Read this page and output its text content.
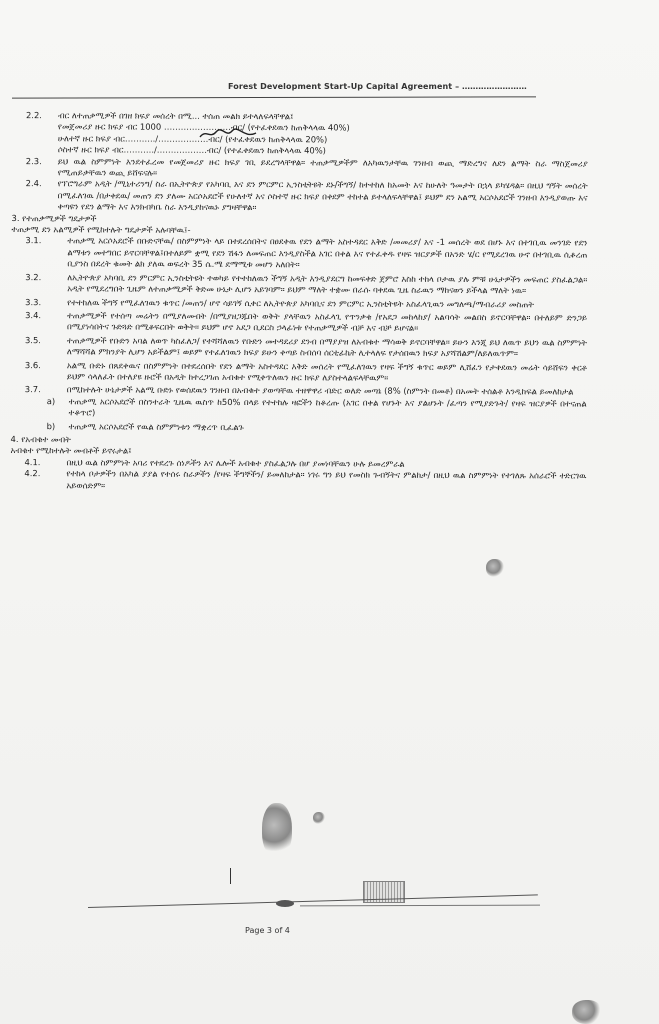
Forest Development Start-Up Capital Agreement – ……………………
2.2. ብር ለተጠቃሚዎች በገዘ ክፍያ መሰረት በሚ... ተሰጠ መልክ ይተላለፍላቸዋል፤
የመጀመሪያ ዙር ክፍያ ብር 1000 ……………………ብር/ (የተፈቀደዉን ከጠቅላላዉ 40%)
ሁለተኛ ዙር ክፍያ ብር………../………………ብር/ (የተፈቀደዉን ከጠቅላላዉ 20%)
ሶስተኛ ዙር ክፍያ ብር………../………………ብር/ (የተፈቀደዉን ከጠቅላላዉ 40%)
2.3.	ይህ ዉል ስምምነት እንደተፈረመ የመጀመሪያ ዙር ክፍያ ገቢ ይደረግላቸዋል። ተጠቃሚዎችም ለአካዉንታቸዉ ገንዘብ ወጪ ማድረግና ለደን ልማት ስራ ማስጀመሪያ የሚጠይቃቸዉን ወጪ ይሸፍናሉ።
2.4.	የፕሮግራም አዲት /ሚኒተሪንግ/ ስራ በኢትዮጵያ የአካባቢ እና ደን ምርምር ኢንስቲትዩት ደኑ/ችግኝ/ ከተተከለ ከአመት እና ከሁለት ዓመታት በኋላ ይካሄዳል። በዚህ ግኝት መሰረት በሚፈለገዉ /በታቀደዉ/ መጠን ደን ያለሙ አርሶአደሮች የሁለተኛ እና ሶስተኛ ዙር ክፍያ በቀደም ተከተል ይተላለፍላቸዋል፤ ይህም ደን አልሚ አርሶአደሮች ገንዘብ እንዲያወጡ እና ቀጣዩን የደን ልማት እና እንክብካቤ ስራ እንዲያከናዉኑ ያግዛቸዋል።
3. የተጠቃሚዎች ግዴታዎች
ተጠቃሚ ደን አልሚዎች የሚከተሉት ግዴታዎች አሉባቸዉ፤-
3.1.	ተጠቃሚ አርሶአደሮች በቡድናቸዉ/ በስምምነት ላይ በተደረሰበትና በፀደቀዉ የደን ልማት አስተዳደር እቅድ /መመሪያ/ እና -1 መሰረት ወደ በሆኑ እና በተገቢዉ መንገድ የደን ልማቱን መተግበር ይኖርባቸዋል፤በተለይም ቋሚ የደን ሽፋን ለመፍጠር እንዲያስችል አገር በቀል እና የተፈቀዱ የዛፍ ዝርያዎች በአንድ ሄ/ር የሚደረገዉ ሁኖ በተገቢዉ ሲቆረጠ ቢያንስ በደረት ቁመት ልክ ያለዉ ወፍረት 35 ሴ.ሜ ደማሚቱ መሆን አለበት።
3.2.	ለኢትዮጵያ አካባቢ ደን ምርምር ኢንስቲትዩት ተወካይ የተተከለዉን ችግኝ አዲት እንዲያደርግ ከመፍቀድ ጀምሮ እስከ ተከላ ቦታዉ ያሉ ምቹ ሁኔታዎችን መፍጠር ያስፈልጋል። አዲት የሚደረግበት ጊዜም ለተጠቃሚዎች ቅድመ ሁኔታ ሊሆን አይገባም። ይህም ማለት ተቋሙ በራሱ ባቀደዉ ጊዜ ስራዉን ማከናወን ይችላል ማለት ነዉ።
3.3.	የተተከለዉ ችግኝ የሚፈለገዉን ቁጥር /መጠን/ ሆኖ ሳይገኝ ሲቀር ለኢትዮጵያ አካባቢና ደን ምርምር ኢንስቲትዩት አስፈላጊዉን መግለጫ/ማብራሪያ መስጠት
3.4.	ተጠቃሚዎች የተሰጣ መሬትን በሚያለሙበት /በሚያዘጋጁበት ወቅት ያላቸዉን አስፈላጊ የጥንቃቄ /የአደጋ መከላከያ/ አልባሳት መልበስ ይኖርባቸዋል። በተለይም ድንጋይ በሚያነሳበትና ጉድጓድ በሚቆፍርበት ወቅት። ይህም ሆኖ አደጋ ቢደርስ ኃላፊነቱ የተጠቃሚዎች ብቻ እና ብቻ ይሆናል።
3.5.	ተጠቃሚዎች የቡድን አባል ለወጥ ካስፈለጋ/ የተሻሻለዉን የቡድን መተዳደሪያ ደንብ በማያያዝ ለአብቁተ ማሳወቅ ይኖርባቸዋል። ይሁን እንጂ ይህ ለዉጥ ይህን ዉል ስምምነት ለማሻሻል ምክንያት ሊሆን አይችልም፤ ወይም የተፈለገዉን ክፍያ ይሁን ቀጣይ ስብሰባ ሰርቲፊኬት ሊተላለፍ የታሰበዉን ክፍያ አያሻሽልም/ለይለዉጥም።
3.6.	አልሚ ቡድኑ በጸደቀዉና በስምምነት በተደረሰበት የደን ልማት አስተዳደር እቅድ መሰረት የሚፈለገዉን የዛፍ ችግኝ ቁጥር ወይም ሊሸፈን የታቀደዉን መሬት ሳይሸፍን ቀርቶ ይህም ሳላለፈት በተለያዩ ዙሮች በአዲት ከተረጋገጠ አብቁተ የሚቀጥለዉን ዙር ክፍያ ለያስተላልፍላቸዉም።
3.7.	በሚከተሉት ሁኔታዎች አልሚ ቡድኑ የወሰደዉን ገንዘብ በአብቁተ ያወጣቸዉ ተዘዋዋሪ ብድር ወለድ መጣኔ (8% (ስምንት በመቶ) በአመት ተሰልቶ እንዲከፍል ይመለከታል
a)	ተጠቃሚ አርሶአደሮች በስንተራት ጊዜዉ ዉስጥ ከ50% በላይ የተተከሉ ዛፎችን ከቆረጡ (አገር በቀል የሆኑት እና ያልሆኑት /ፈጣን የሚያድጉት/ የዛፍ ዝርያዎች በተናጠል ተቆጥሮ)
b)	ተጠቃሚ አርሶአደሮች የዉል ስምምነቱን ማቋረጥ ቢፈልጉ
4. የአብቁተ መብት
አብቁተ የሚከተሉት መብቶች ይኖሩታል፤
4.1.	በዚህ ዉል ስምምነት አባሪ የተደረጉ ሰነዶችን እና ሌሎች አብቁተ ያስፈልጋሉ በሆ ያመነባቸዉን ሁሉ ይመረምራል
4.2.	የተከላ ቦታዎችን በአካል ያያል የተሰሩ ስራዎችን /የዛፍ ችግኞችን/ ይመለከታል። ነገሩ ግን ይህ የመስክ ጉብኝትና ምልከታ/ በዚህ ዉል ስምምነት የተገለጹ አሰራሮች ተድርገዉ አይወሰድም።
Page 3 of 4
